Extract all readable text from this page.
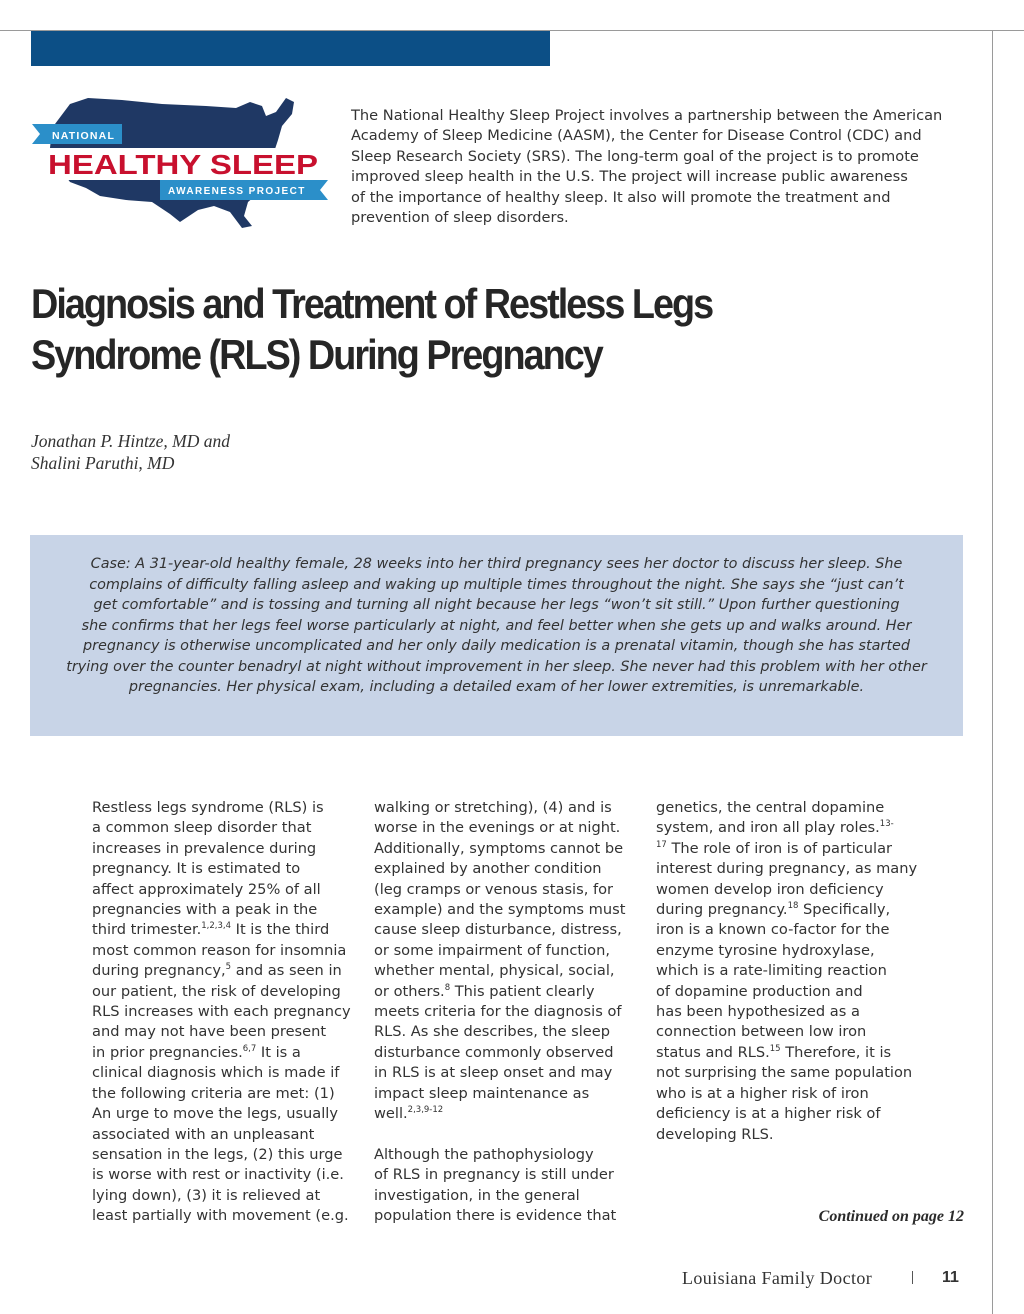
NATIONAL
HEALTHY SLEEP
AWARENESS PROJECT
The National Healthy Sleep Project involves a partnership between the American
Academy of Sleep Medicine (AASM), the Center for Disease Control (CDC) and
Sleep Research Society (SRS). The long-term goal of the project is to promote
improved sleep health in the U.S. The project will increase public awareness
of the importance of healthy sleep. It also will promote the treatment and
prevention of sleep disorders.
Diagnosis and Treatment of Restless Legs
Syndrome (RLS) During Pregnancy
Jonathan P. Hintze, MD and
Shalini Paruthi, MD
Case: A 31-year-old healthy female, 28 weeks into her third pregnancy sees her doctor to discuss her sleep. She
complains of difficulty falling asleep and waking up multiple times throughout the night. She says she “just can’t
get comfortable” and is tossing and turning all night because her legs “won’t sit still.” Upon further questioning
she confirms that her legs feel worse particularly at night, and feel better when she gets up and walks around. Her
pregnancy is otherwise uncomplicated and her only daily medication is a prenatal vitamin, though she has started
trying over the counter benadryl at night without improvement in her sleep. She never had this problem with her other
pregnancies. Her physical exam, including a detailed exam of her lower extremities, is unremarkable.
Restless legs syndrome (RLS) is
a common sleep disorder that
increases in prevalence during
pregnancy. It is estimated to
affect approximately 25% of all
pregnancies with a peak in the
third trimester.$^{1,2,3,4}$ It is the third
most common reason for insomnia
during pregnancy,$^5$ and as seen in
our patient, the risk of developing
RLS increases with each pregnancy
and may not have been present
in prior pregnancies.$^{6,7}$ It is a
clinical diagnosis which is made if
the following criteria are met: (1)
An urge to move the legs, usually
associated with an unpleasant
sensation in the legs, (2) this urge
is worse with rest or inactivity (i.e.
lying down), (3) it is relieved at
least partially with movement (e.g.
walking or stretching), (4) and is
worse in the evenings or at night.
Additionally, symptoms cannot be
explained by another condition
(leg cramps or venous stasis, for
example) and the symptoms must
cause sleep disturbance, distress,
or some impairment of function,
whether mental, physical, social,
or others.$^8$ This patient clearly
meets criteria for the diagnosis of
RLS. As she describes, the sleep
disturbance commonly observed
in RLS is at sleep onset and may
impact sleep maintenance as
well.$^{2,3,9-12}$
Although the pathophysiology
of RLS in pregnancy is still under
investigation, in the general
population there is evidence that
genetics, the central dopamine
system, and iron all play roles.$^{13-}$
$^{17}$ The role of iron is of particular
interest during pregnancy, as many
women develop iron deficiency
during pregnancy.$^{18}$ Specifically,
iron is a known co-factor for the
enzyme tyrosine hydroxylase,
which is a rate-limiting reaction
of dopamine production and
has been hypothesized as a
connection between low iron
status and RLS.$^{15}$ Therefore, it is
not surprising the same population
who is at a higher risk of iron
deficiency is at a higher risk of
developing RLS.
Continued on page 12
Louisiana Family Doctor	11
